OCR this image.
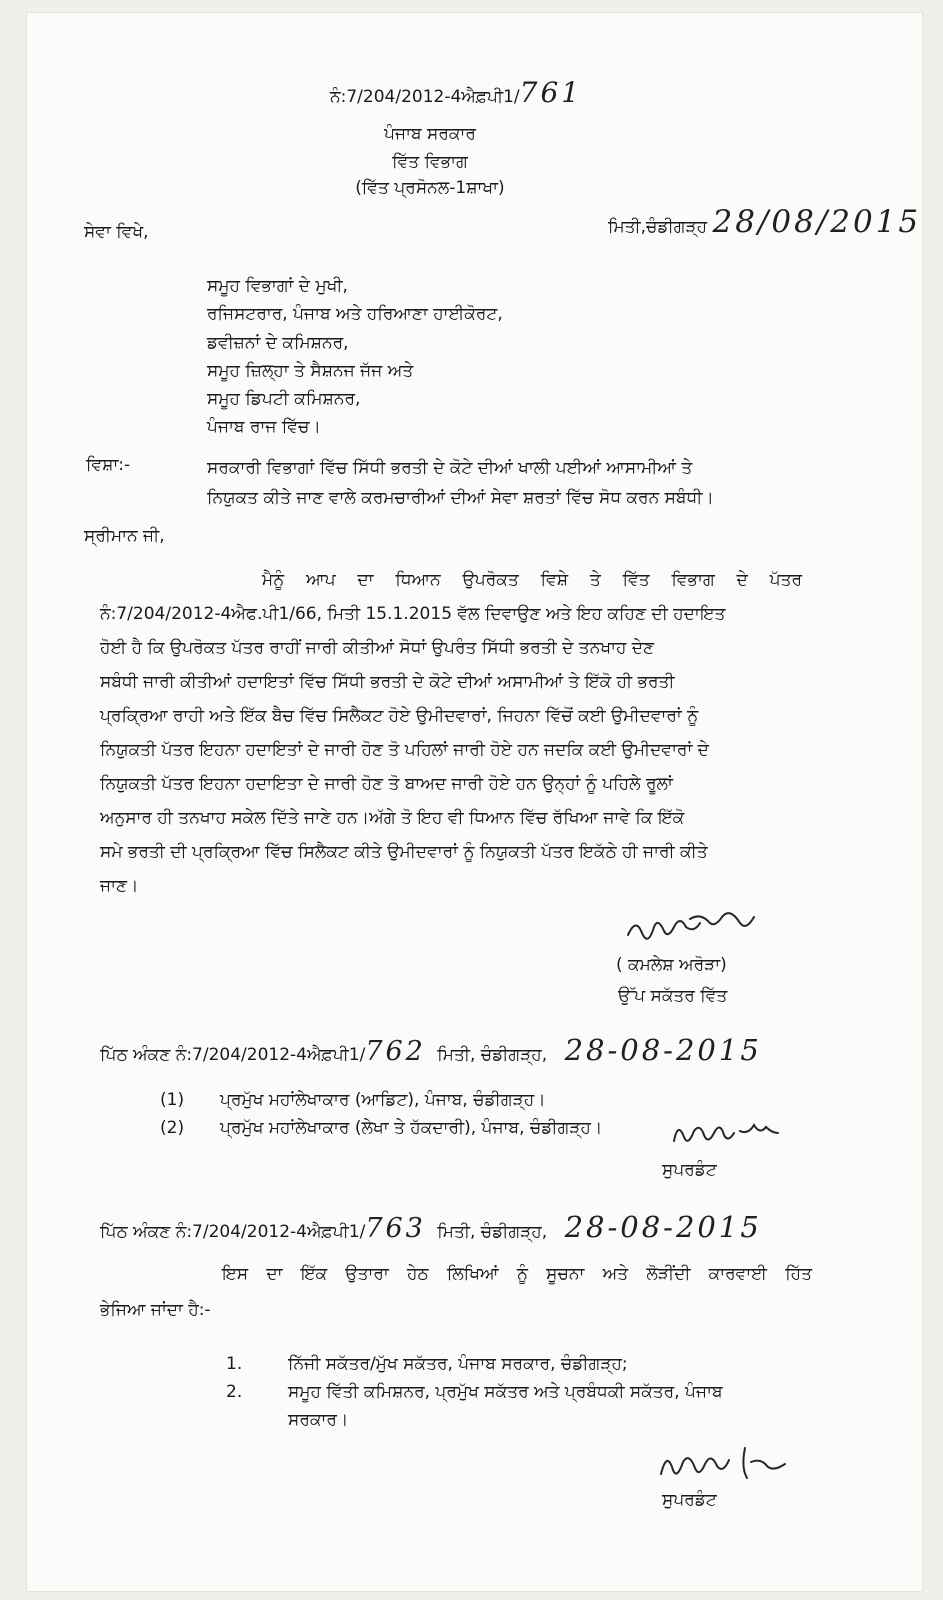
ਨੰ:7/204/2012-4ਐਫ਼ਪੀ1/761
ਪੰਜਾਬ ਸਰਕਾਰ
ਵਿੱਤ ਵਿਭਾਗ
(ਵਿੱਤ ਪ੍ਰਸੋਨਲ-1ਸ਼ਾਖਾ)
ਮਿਤੀ,ਚੰਡੀਗੜ੍ਹ 28/08/2015
ਸੇਵਾ ਵਿਖੇ,
ਸਮੂਹ ਵਿਭਾਗਾਂ ਦੇ ਮੁਖੀ,
ਰਜਿਸਟਰਾਰ, ਪੰਜਾਬ ਅਤੇ ਹਰਿਆਣਾ ਹਾਈਕੋਰਟ,
ਡਵੀਜ਼ਨਾਂ ਦੇ ਕਮਿਸ਼ਨਰ,
ਸਮੂਹ ਜ਼ਿਲ੍ਹਾ ਤੇ ਸੈਸ਼ਨਜ ਜੱਜ ਅਤੇ
ਸਮੂਹ ਡਿਪਟੀ ਕਮਿਸ਼ਨਰ,
ਪੰਜਾਬ ਰਾਜ ਵਿੱਚ।
ਵਿਸ਼ਾ:-	ਸਰਕਾਰੀ ਵਿਭਾਗਾਂ ਵਿੱਚ ਸਿੱਧੀ ਭਰਤੀ ਦੇ ਕੋਟੇ ਦੀਆਂ ਖਾਲੀ ਪਈਆਂ ਆਸਾਮੀਆਂ ਤੇ
ਨਿਯੁਕਤ ਕੀਤੇ ਜਾਣ ਵਾਲੇ ਕਰਮਚਾਰੀਆਂ ਦੀਆਂ ਸੇਵਾ ਸ਼ਰਤਾਂ ਵਿੱਚ ਸੋਧ ਕਰਨ ਸਬੰਧੀ।
ਸ੍ਰੀਮਾਨ ਜੀ,
ਮੈਨੂੰ ਆਪ ਦਾ ਧਿਆਨ ਉਪਰੋਕਤ ਵਿਸ਼ੇ ਤੇ ਵਿੱਤ ਵਿਭਾਗ ਦੇ ਪੱਤਰ
ਨੰ:7/204/2012-4ਐਫ.ਪੀ1/66, ਮਿਤੀ 15.1.2015 ਵੱਲ ਦਿਵਾਉਣ ਅਤੇ ਇਹ ਕਹਿਣ ਦੀ ਹਦਾਇਤ
ਹੋਈ ਹੈ ਕਿ ਉਪਰੋਕਤ ਪੱਤਰ ਰਾਹੀਂ ਜਾਰੀ ਕੀਤੀਆਂ ਸੋਧਾਂ ਉਪਰੰਤ ਸਿੱਧੀ ਭਰਤੀ ਦੇ ਤਨਖਾਹ ਦੇਣ
ਸਬੰਧੀ ਜਾਰੀ ਕੀਤੀਆਂ ਹਦਾਇਤਾਂ ਵਿੱਚ ਸਿੱਧੀ ਭਰਤੀ ਦੇ ਕੋਟੇ ਦੀਆਂ ਅਸਾਮੀਆਂ ਤੇ ਇੱਕੋ ਹੀ ਭਰਤੀ
ਪ੍ਰਕ੍ਰਿਆ ਰਾਹੀ ਅਤੇ ਇੱਕ ਬੈਚ ਵਿੱਚ ਸਿਲੈਕਟ ਹੋਏ ਉਮੀਦਵਾਰਾਂ, ਜਿਹਨਾ ਵਿੱਚੋਂ ਕਈ ਉਮੀਦਵਾਰਾਂ ਨੂੰ
ਨਿਯੁਕਤੀ ਪੱਤਰ ਇਹਨਾ ਹਦਾਇਤਾਂ ਦੇ ਜਾਰੀ ਹੋਣ ਤੋ ਪਹਿਲਾਂ ਜਾਰੀ ਹੋਏ ਹਨ ਜਦਕਿ ਕਈ ਉਮੀਦਵਾਰਾਂ ਦੇ
ਨਿਯੁਕਤੀ ਪੱਤਰ ਇਹਨਾ ਹਦਾਇਤਾ ਦੇ ਜਾਰੀ ਹੋਣ ਤੋ ਬਾਅਦ ਜਾਰੀ ਹੋਏ ਹਨ ਉਨ੍ਹਾਂ ਨੂੰ ਪਹਿਲੇ ਰੂਲਾਂ
ਅਨੁਸਾਰ ਹੀ ਤਨਖਾਹ ਸਕੇਲ ਦਿੱਤੇ ਜਾਣੇ ਹਨ।ਅੱਗੇ ਤੋ ਇਹ ਵੀ ਧਿਆਨ ਵਿੱਚ ਰੱਖਿਆ ਜਾਵੇ ਕਿ ਇੱਕੋ
ਸਮੇ ਭਰਤੀ ਦੀ ਪ੍ਰਕ੍ਰਿਆ ਵਿੱਚ ਸਿਲੈਕਟ ਕੀਤੇ ਉਮੀਦਵਾਰਾਂ ਨੂੰ ਨਿਯੁਕਤੀ ਪੱਤਰ ਇਕੱਠੇ ਹੀ ਜਾਰੀ ਕੀਤੇ
ਜਾਣ।
( ਕਮਲੇਸ਼ ਅਰੋੜਾ)
ਉੱਪ ਸਕੱਤਰ ਵਿੱਤ
ਪਿੱਠ ਅੰਕਣ ਨੰ:7/204/2012-4ਐਫ਼ਪੀ1/762 ਮਿਤੀ, ਚੰਡੀਗੜ੍ਹ, 28-08-2015
(1) ਪ੍ਰਮੁੱਖ ਮਹਾਂਲੇਖਾਕਾਰ (ਆਡਿਟ), ਪੰਜਾਬ, ਚੰਡੀਗੜ੍ਹ।
(2) ਪ੍ਰਮੁੱਖ ਮਹਾਂਲੇਖਾਕਾਰ (ਲੇਖਾ ਤੇ ਹੱਕਦਾਰੀ), ਪੰਜਾਬ, ਚੰਡੀਗੜ੍ਹ।
ਸੁਪਰਡੰਟ
ਪਿੱਠ ਅੰਕਣ ਨੰ:7/204/2012-4ਐਫ਼ਪੀ1/763 ਮਿਤੀ, ਚੰਡੀਗੜ੍ਹ, 28-08-2015
ਇਸ ਦਾ ਇੱਕ ਉਤਾਰਾ ਹੇਠ ਲਿਖਿਆਂ ਨੂੰ ਸੂਚਨਾ ਅਤੇ ਲੋੜੀਂਦੀ ਕਾਰਵਾਈ ਹਿੱਤ
ਭੇਜਿਆ ਜਾਂਦਾ ਹੈ:-
1.	ਨਿੱਜੀ ਸਕੱਤਰ/ਮੁੱਖ ਸਕੱਤਰ, ਪੰਜਾਬ ਸਰਕਾਰ, ਚੰਡੀਗੜ੍ਹ;
2.	ਸਮੂਹ ਵਿੱਤੀ ਕਮਿਸ਼ਨਰ, ਪ੍ਰਮੁੱਖ ਸਕੱਤਰ ਅਤੇ ਪ੍ਰਬੰਧਕੀ ਸਕੱਤਰ, ਪੰਜਾਬ
ਸਰਕਾਰ।
ਸੁਪਰਡੰਟ
